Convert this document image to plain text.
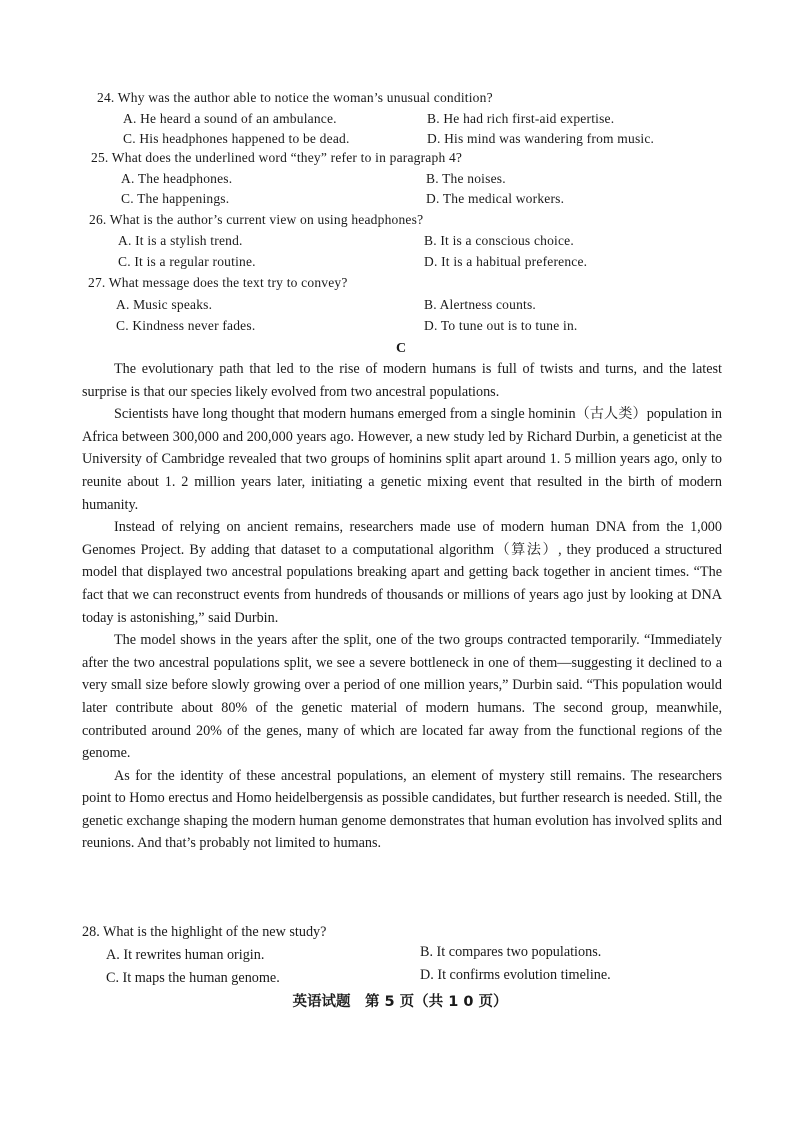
24. Why was the author able to notice the woman’s unusual condition?
A. He heard a sound of an ambulance.	B. He had rich first-aid expertise.
C. His headphones happened to be dead.	D. His mind was wandering from music.
25. What does the underlined word “they” refer to in paragraph 4?
A. The headphones.	B. The noises.
C. The happenings.	D. The medical workers.
26. What is the author’s current view on using headphones?
A. It is a stylish trend.	B. It is a conscious choice.
C. It is a regular routine.	D. It is a habitual preference.
27. What message does the text try to convey?
A. Music speaks.	B. Alertness counts.
C. Kindness never fades.	D. To tune out is to tune in.
C

The evolutionary path that led to the rise of modern humans is full of twists and turns, and the latest surprise is that our species likely evolved from two ancestral populations.

Scientists have long thought that modern humans emerged from a single hominin（古人类）population in Africa between 300,000 and 200,000 years ago. However, a new study led by Richard Durbin, a geneticist at the University of Cambridge revealed that two groups of hominins split apart around 1. 5 million years ago, only to reunite about 1. 2 million years later, initiating a genetic mixing event that resulted in the birth of modern humanity.

Instead of relying on ancient remains, researchers made use of modern human DNA from the 1,000 Genomes Project. By adding that dataset to a computational algorithm（算法）, they produced a structured model that displayed two ancestral populations breaking apart and getting back together in ancient times. “The fact that we can reconstruct events from hundreds of thousands or millions of years ago just by looking at DNA today is astonishing,” said Durbin.

The model shows in the years after the split, one of the two groups contracted temporarily. “Immediately after the two ancestral populations split, we see a severe bottleneck in one of them—suggesting it declined to a very small size before slowly growing over a period of one million years,” Durbin said. “This population would later contribute about 80% of the genetic material of modern humans. The second group, meanwhile, contributed around 20% of the genes, many of which are located far away from the functional regions of the genome.

As for the identity of these ancestral populations, an element of mystery still remains. The researchers point to Homo erectus and Homo heidelbergensis as possible candidates, but further research is needed. Still, the genetic exchange shaping the modern human genome demonstrates that human evolution has involved splits and reunions. And that’s probably not limited to humans.

28. What is the highlight of the new study?
A. It rewrites human origin.	B. It compares two populations.
C. It maps the human genome.	D. It confirms evolution timeline.
英语试题　第 5 页（共 1 0 页）
